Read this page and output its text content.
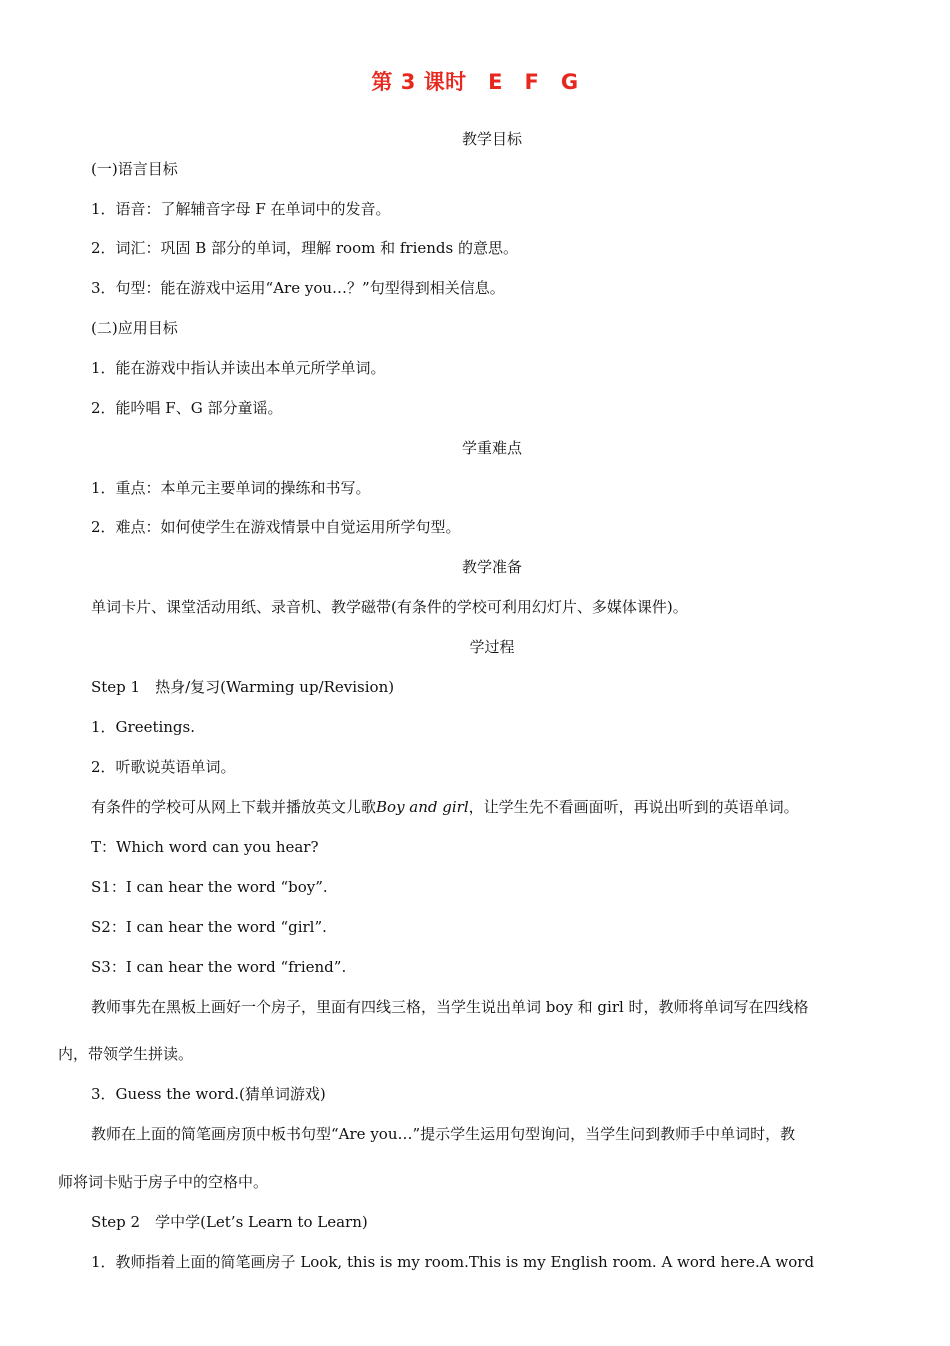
第 3 课时　E　F　G
教学目标
(一)语言目标
1．语音：了解辅音字母 F 在单词中的发音。
2．词汇：巩固 B 部分的单词，理解 room 和 friends 的意思。
3．句型：能在游戏中运用“Are you…？”句型得到相关信息。
(二)应用目标
1．能在游戏中指认并读出本单元所学单词。
2．能吟唱 F、G 部分童谣。
学重难点
1．重点：本单元主要单词的操练和书写。
2．难点：如何使学生在游戏情景中自觉运用所学句型。
教学准备
单词卡片、课堂活动用纸、录音机、教学磁带(有条件的学校可利用幻灯片、多媒体课件)。
学过程
Step 1　热身/复习(Warming up/Revision)
1．Greetings.
2．听歌说英语单词。
有条件的学校可从网上下载并播放英文儿歌Boy and girl，让学生先不看画面听，再说出听到的英语单词。
T：Which word can you hear?
S1：I can hear the word “boy”.
S2：I can hear the word “girl”.
S3：I can hear the word “friend”.
教师事先在黑板上画好一个房子，里面有四线三格，当学生说出单词 boy 和 girl 时，教师将单词写在四线格
内，带领学生拼读。
3．Guess the word.(猜单词游戏)
教师在上面的简笔画房顶中板书句型“Are you…”提示学生运用句型询问，当学生问到教师手中单词时，教
师将词卡贴于房子中的空格中。
Step 2　学中学(Let’s Learn to Learn)
1．教师指着上面的简笔画房子 Look, this is my room.This is my English room. A word here.A word
